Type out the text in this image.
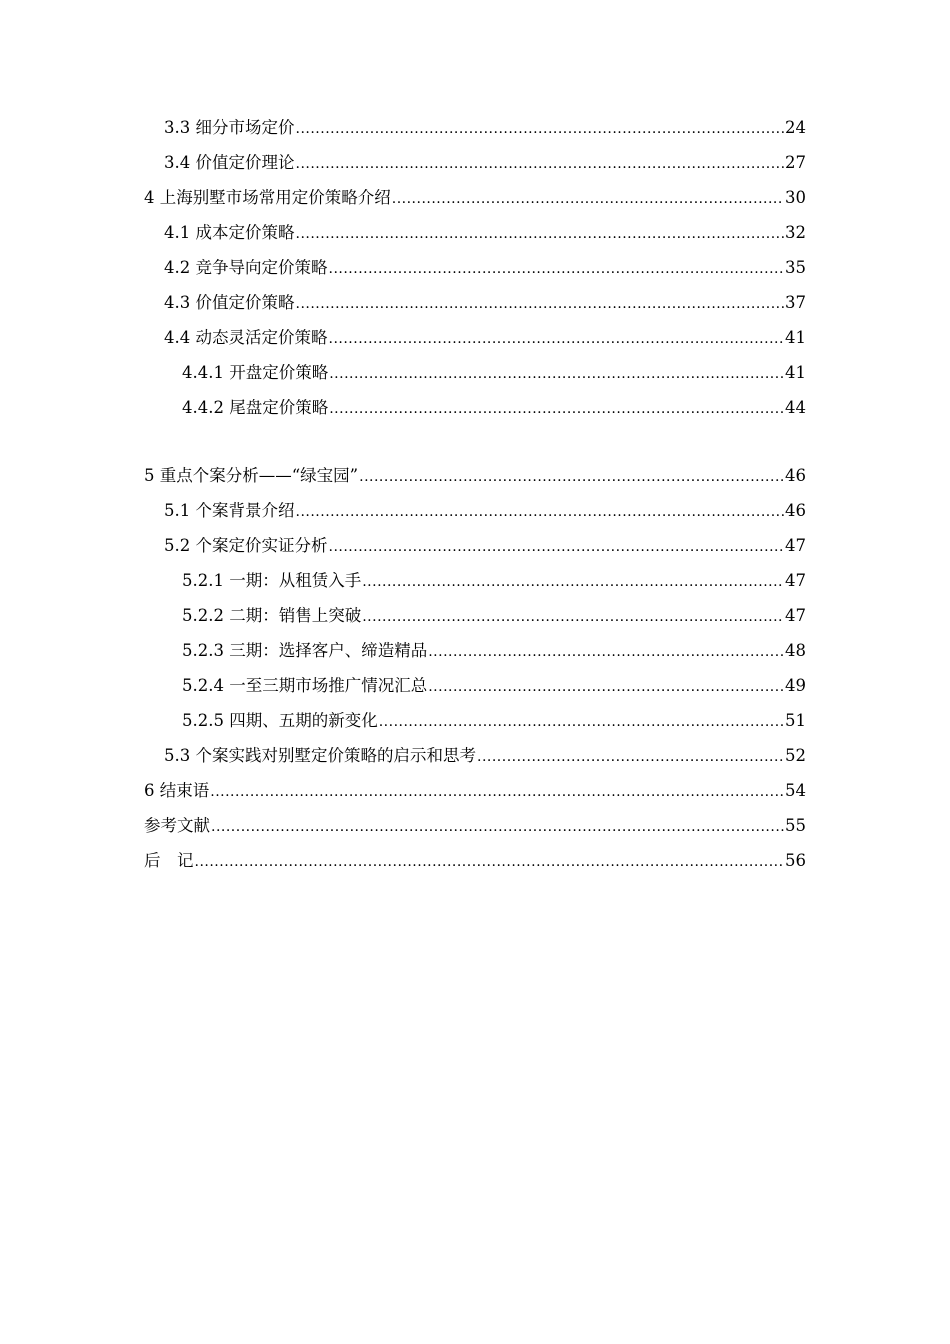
3.3 细分市场定价 .....	24
3.4 价值定价理论 .....	27
4 上海别墅市场常用定价策略介绍 .....	30
4.1 成本定价策略 .....	32
4.2 竞争导向定价策略 .....	35
4.3 价值定价策略 .....	37
4.4 动态灵活定价策略 .....	41
4.4.1 开盘定价策略 .....	41
4.4.2 尾盘定价策略 .....	44
5 重点个案分析——“绿宝园” .....	46
5.1 个案背景介绍 .....	46
5.2 个案定价实证分析 .....	47
5.2.1 一期：从租赁入手 .....	47
5.2.2 二期：销售上突破 .....	47
5.2.3 三期：选择客户、缔造精品 .....	48
5.2.4 一至三期市场推广情况汇总 .....	49
5.2.5 四期、五期的新变化 .....	51
5.3 个案实践对别墅定价策略的启示和思考 .....	52
6 结束语 .....	54
参考文献 .....	55
后　记 .....	56
